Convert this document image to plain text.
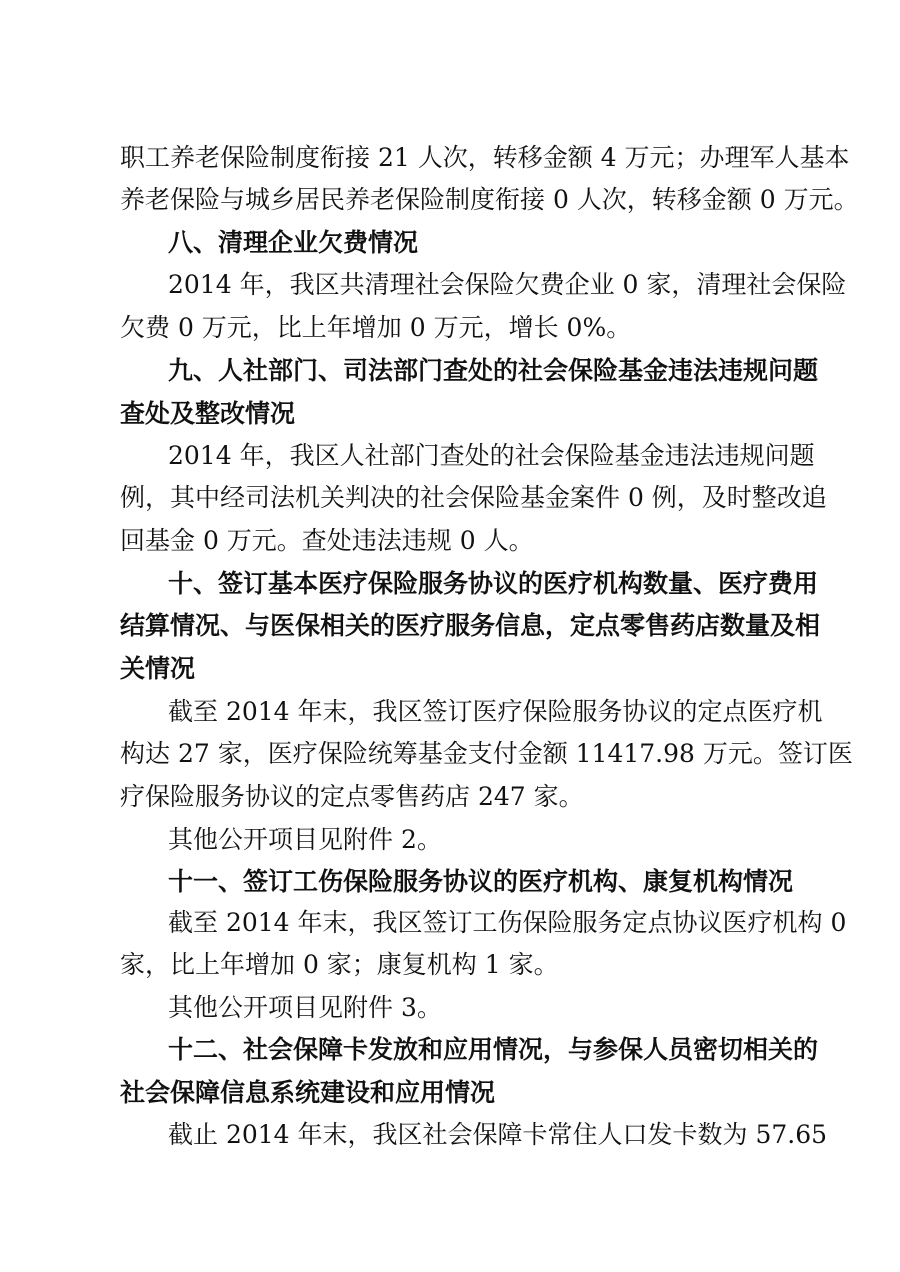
职工养老保险制度衔接 21 人次，转移金额 4 万元；办理军人基本
养老保险与城乡居民养老保险制度衔接 0 人次，转移金额 0 万元。
八、清理企业欠费情况
2014 年，我区共清理社会保险欠费企业 0 家，清理社会保险
欠费 0 万元，比上年增加 0 万元，增长 0%。
九、人社部门、司法部门查处的社会保险基金违法违规问题
查处及整改情况
2014 年，我区人社部门查处的社会保险基金违法违规问题
例，其中经司法机关判决的社会保险基金案件 0 例，及时整改追
回基金 0 万元。查处违法违规 0 人。
十、签订基本医疗保险服务协议的医疗机构数量、医疗费用
结算情况、与医保相关的医疗服务信息，定点零售药店数量及相
关情况
截至 2014 年末，我区签订医疗保险服务协议的定点医疗机
构达 27 家，医疗保险统筹基金支付金额 11417.98 万元。签订医
疗保险服务协议的定点零售药店 247 家。
其他公开项目见附件 2。
十一、签订工伤保险服务协议的医疗机构、康复机构情况
截至 2014 年末，我区签订工伤保险服务定点协议医疗机构 0
家，比上年增加 0 家；康复机构 1 家。
其他公开项目见附件 3。
十二、社会保障卡发放和应用情况，与参保人员密切相关的
社会保障信息系统建设和应用情况
截止 2014 年末，我区社会保障卡常住人口发卡数为 57.65
